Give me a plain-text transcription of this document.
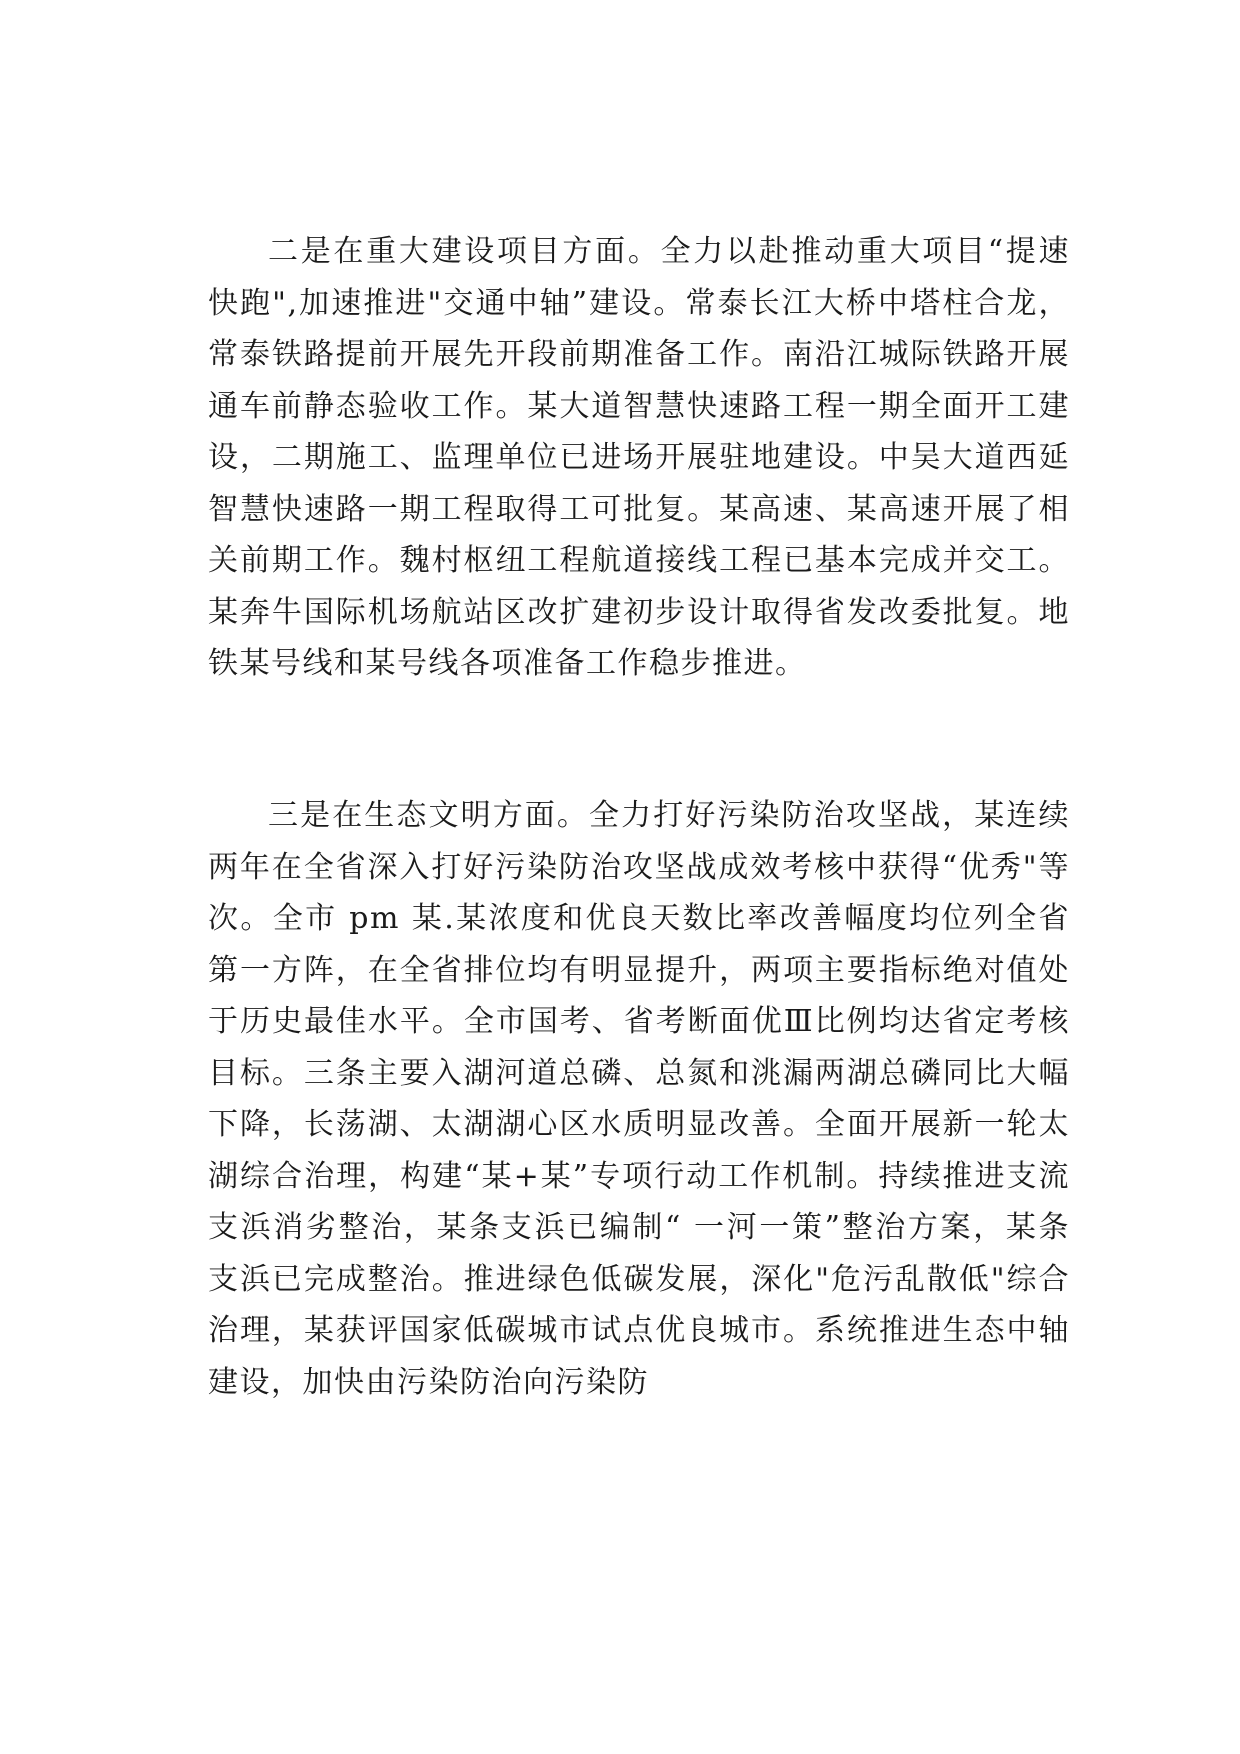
二是在重大建设项目方面。全力以赴推动重大项目“提速快跑",加速推进"交通中轴”建设。常泰长江大桥中塔柱合龙，常泰铁路提前开展先开段前期准备工作。南沿江城际铁路开展通车前静态验收工作。某大道智慧快速路工程一期全面开工建设，二期施工、监理单位已进场开展驻地建设。中吴大道西延智慧快速路一期工程取得工可批复。某高速、某高速开展了相关前期工作。魏村枢纽工程航道接线工程已基本完成并交工。某奔牛国际机场航站区改扩建初步设计取得省发改委批复。地铁某号线和某号线各项准备工作稳步推进。

三是在生态文明方面。全力打好污染防治攻坚战，某连续两年在全省深入打好污染防治攻坚战成效考核中获得“优秀"等次。全市 pm 某.某浓度和优良天数比率改善幅度均位列全省第一方阵，在全省排位均有明显提升，两项主要指标绝对值处于历史最佳水平。全市国考、省考断面优Ⅲ比例均达省定考核目标。三条主要入湖河道总磷、总氮和洮漏两湖总磷同比大幅下降，长荡湖、太湖湖心区水质明显改善。全面开展新一轮太湖综合治理，构建“某+某”专项行动工作机制。持续推进支流支浜消劣整治，某条支浜已编制“ 一河一策”整治方案，某条支浜已完成整治。推进绿色低碳发展，深化"危污乱散低"综合治理，某获评国家低碳城市试点优良城市。系统推进生态中轴建设，加快由污染防治向污染防
